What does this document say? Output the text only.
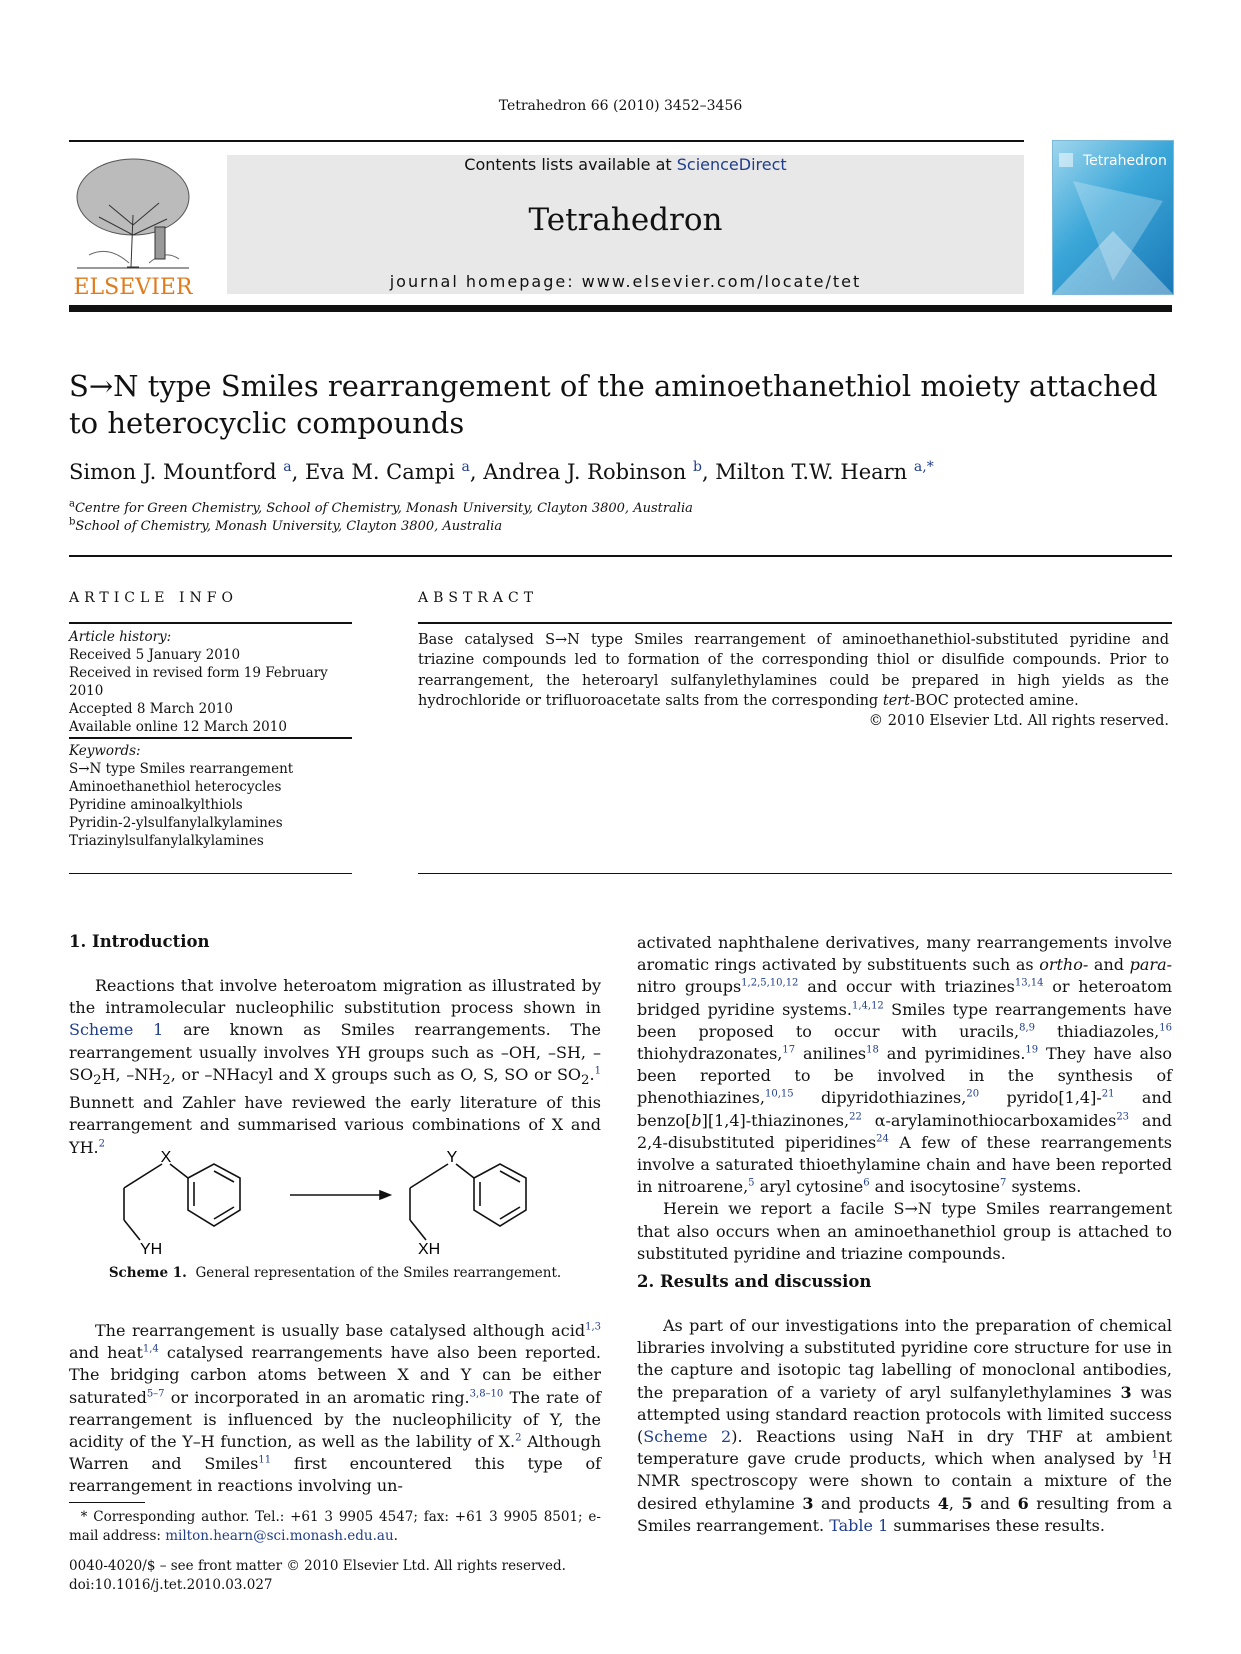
Tetrahedron 66 (2010) 3452–3456
ELSEVIER
Contents lists available at ScienceDirect
Tetrahedron
journal homepage: www.elsevier.com/locate/tet
Tetrahedron
S→N type Smiles rearrangement of the aminoethanethiol moiety attached
to heterocyclic compounds
Simon J. Mountford $^a$, Eva M. Campi $^a$, Andrea J. Robinson $^b$, Milton T.W. Hearn $^{a,*}$
$^a$Centre for Green Chemistry, School of Chemistry, Monash University, Clayton 3800, Australia
$^b$School of Chemistry, Monash University, Clayton 3800, Australia
ARTICLE INFO
Article history:
Received 5 January 2010
Received in revised form 19 February 2010
Accepted 8 March 2010
Available online 12 March 2010
Keywords:
S→N type Smiles rearrangement
Aminoethanethiol heterocycles
Pyridine aminoalkylthiols
Pyridin-2-ylsulfanylalkylamines
Triazinylsulfanylalkylamines
ABSTRACT
Base catalysed S→N type Smiles rearrangement of aminoethanethiol-substituted pyridine and triazine compounds led to formation of the corresponding thiol or disulfide compounds. Prior to rearrangement, the heteroaryl sulfanylethylamines could be prepared in high yields as the hydrochloride or trifluoroacetate salts from the corresponding tert-BOC protected amine.
© 2010 Elsevier Ltd. All rights reserved.
1. Introduction

Reactions that involve heteroatom migration as illustrated by the intramolecular nucleophilic substitution process shown in Scheme 1 are known as Smiles rearrangements. The rearrangement usually involves YH groups such as –OH, –SH, $-SO_2H$, $-NH_2$, or –NHacyl and X groups such as O, S, SO or $SO_2.^1$ Bunnett and Zahler have reviewed the early literature of this rearrangement and summarised various combinations of X and YH.$^2$

X
YH
Y
XH
Scheme 1. General representation of the Smiles rearrangement.

The rearrangement is usually base catalysed although acid$^{1,3}$ and heat$^{1,4}$ catalysed rearrangements have also been reported. The bridging carbon atoms between X and Y can be either saturated$^{5-7}$ or incorporated in an aromatic ring.$^{3,8-10}$ The rate of rearrangement is influenced by the nucleophilicity of Y, the acidity of the Y–H function, as well as the lability of X.$^2$ Although Warren and Smiles$^{11}$ first encountered this type of rearrangement in reactions involving un-

* Corresponding author. Tel.: +61 3 9905 4547; fax: +61 3 9905 8501; e-mail address: milton.hearn@sci.monash.edu.au.
0040-4020/$ – see front matter © 2010 Elsevier Ltd. All rights reserved.
doi:10.1016/j.tet.2010.03.027

activated naphthalene derivatives, many rearrangements involve aromatic rings activated by substituents such as ortho- and para-nitro groups$^{1,2,5,10,12}$ and occur with triazines$^{13,14}$ or heteroatom bridged pyridine systems.$^{1,4,12}$ Smiles type rearrangements have been proposed to occur with uracils,$^{8,9}$ thiadiazoles,$^{16}$ thiohydrazonates,$^{17}$ anilines$^{18}$ and pyrimidines.$^{19}$ They have also been reported to be involved in the synthesis of phenothiazines,$^{10,15}$ dipyridothiazines,$^{20}$ pyrido[1,4]-$^{21}$ and benzo[b][1,4]-thiazinones,$^{22}$ α-arylaminothiocarboxamides$^{23}$ and 2,4-disubstituted piperidines$^{24}$ A few of these rearrangements involve a saturated thioethylamine chain and have been reported in nitroarene,$^5$ aryl cytosine$^6$ and isocytosine$^7$ systems.

Herein we report a facile S→N type Smiles rearrangement that also occurs when an aminoethanethiol group is attached to substituted pyridine and triazine compounds.

2. Results and discussion

As part of our investigations into the preparation of chemical libraries involving a substituted pyridine core structure for use in the capture and isotopic tag labelling of monoclonal antibodies, the preparation of a variety of aryl sulfanylethylamines 3 was attempted using standard reaction protocols with limited success (Scheme 2). Reactions using NaH in dry THF at ambient temperature gave crude products, which when analysed by $^1$H NMR spectroscopy were shown to contain a mixture of the desired ethylamine 3 and products 4, 5 and 6 resulting from a Smiles rearrangement. Table 1 summarises these results.
